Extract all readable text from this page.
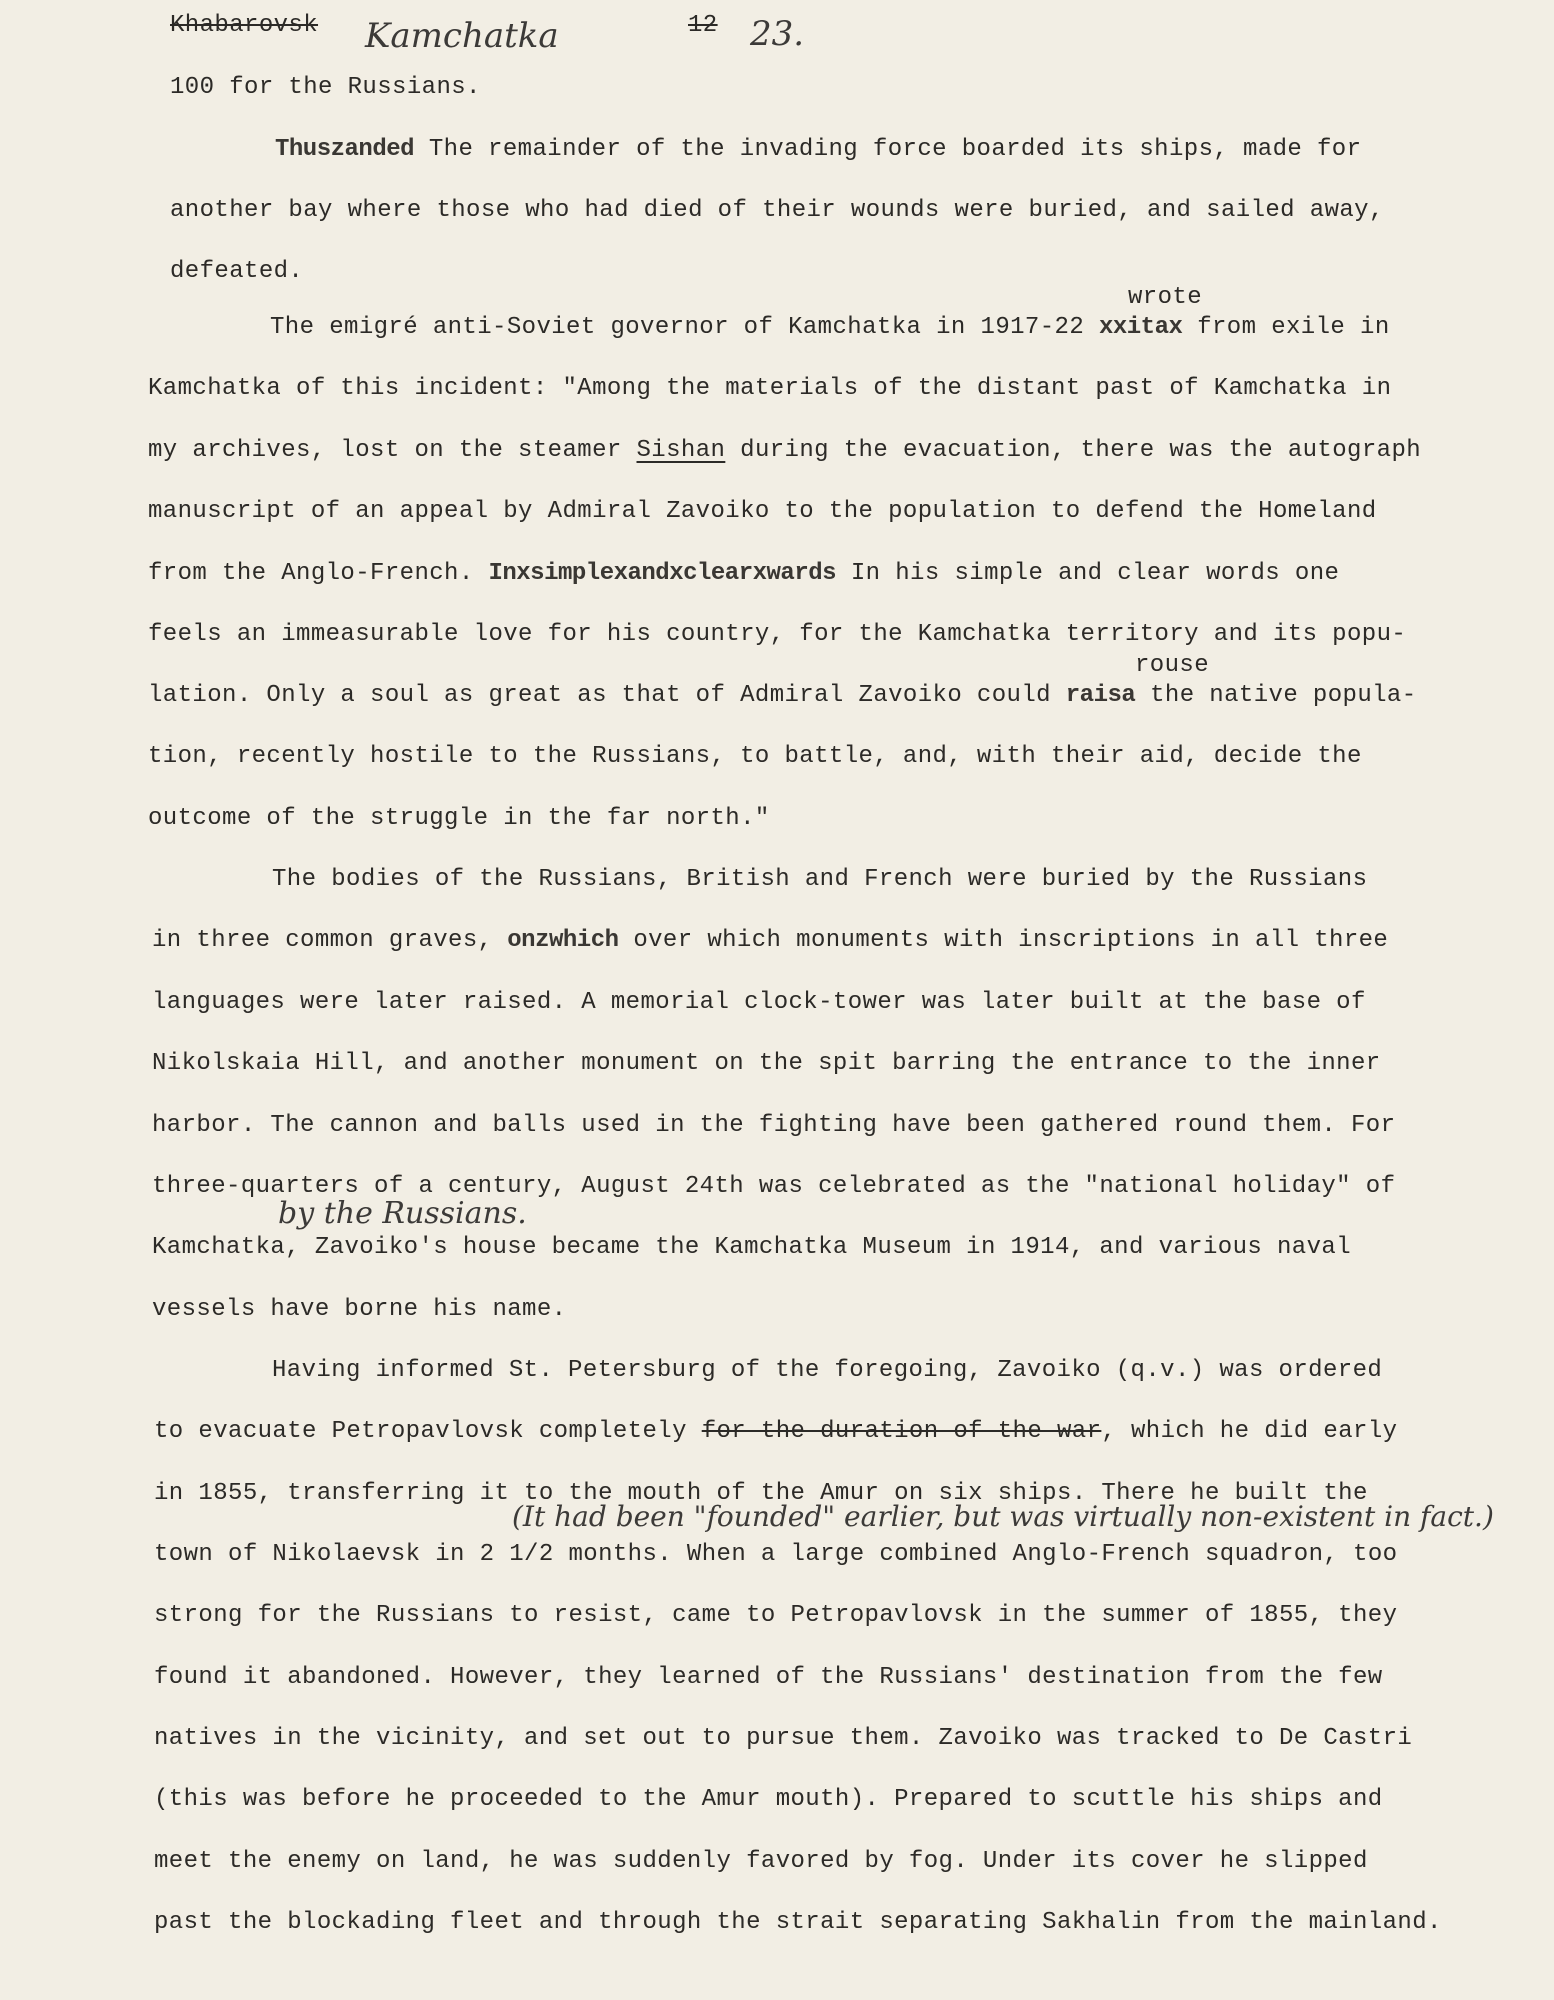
Khabarovsk Kamchatka	12 23.
100 for the Russians.
Thuszanded The remainder of the invading force boarded its ships, made for
another bay where those who had died of their wounds were buried, and sailed away,
defeated.
wrote
The emigré anti-Soviet governor of Kamchatka in 1917-22 xxitax from exile in
Kamchatka of this incident: "Among the materials of the distant past of Kamchatka in
my archives, lost on the steamer Sishan during the evacuation, there was the autograph
manuscript of an appeal by Admiral Zavoiko to the population to defend the Homeland
from the Anglo-French. Inxsimplexandxclearxwards In his simple and clear words one
feels an immeasurable love for his country, for the Kamchatka territory and its popu-
rouse
lation. Only a soul as great as that of Admiral Zavoiko could raisa the native popula-
tion, recently hostile to the Russians, to battle, and, with their aid, decide the
outcome of the struggle in the far north."
The bodies of the Russians, British and French were buried by the Russians
in three common graves, onzwhich over which monuments with inscriptions in all three
languages were later raised. A memorial clock-tower was later built at the base of
Nikolskaia Hill, and another monument on the spit barring the entrance to the inner
harbor. The cannon and balls used in the fighting have been gathered round them. For
three-quarters of a century, August 24th was celebrated as the "national holiday" of
by the Russians.
Kamchatka, Zavoiko's house became the Kamchatka Museum in 1914, and various naval
vessels have borne his name.
Having informed St. Petersburg of the foregoing, Zavoiko (q.v.) was ordered
to evacuate Petropavlovsk completely for the duration of the war, which he did early
in 1855, transferring it to the mouth of the Amur on six ships. There he built the
(It had been "founded" earlier, but was virtually non-existent in fact.)
town of Nikolaevsk in 2 1/2 months. When a large combined Anglo-French squadron, too
strong for the Russians to resist, came to Petropavlovsk in the summer of 1855, they
found it abandoned. However, they learned of the Russians' destination from the few
natives in the vicinity, and set out to pursue them. Zavoiko was tracked to De Castri
(this was before he proceeded to the Amur mouth). Prepared to scuttle his ships and
meet the enemy on land, he was suddenly favored by fog. Under its cover he slipped
past the blockading fleet and through the strait separating Sakhalin from the mainland.
